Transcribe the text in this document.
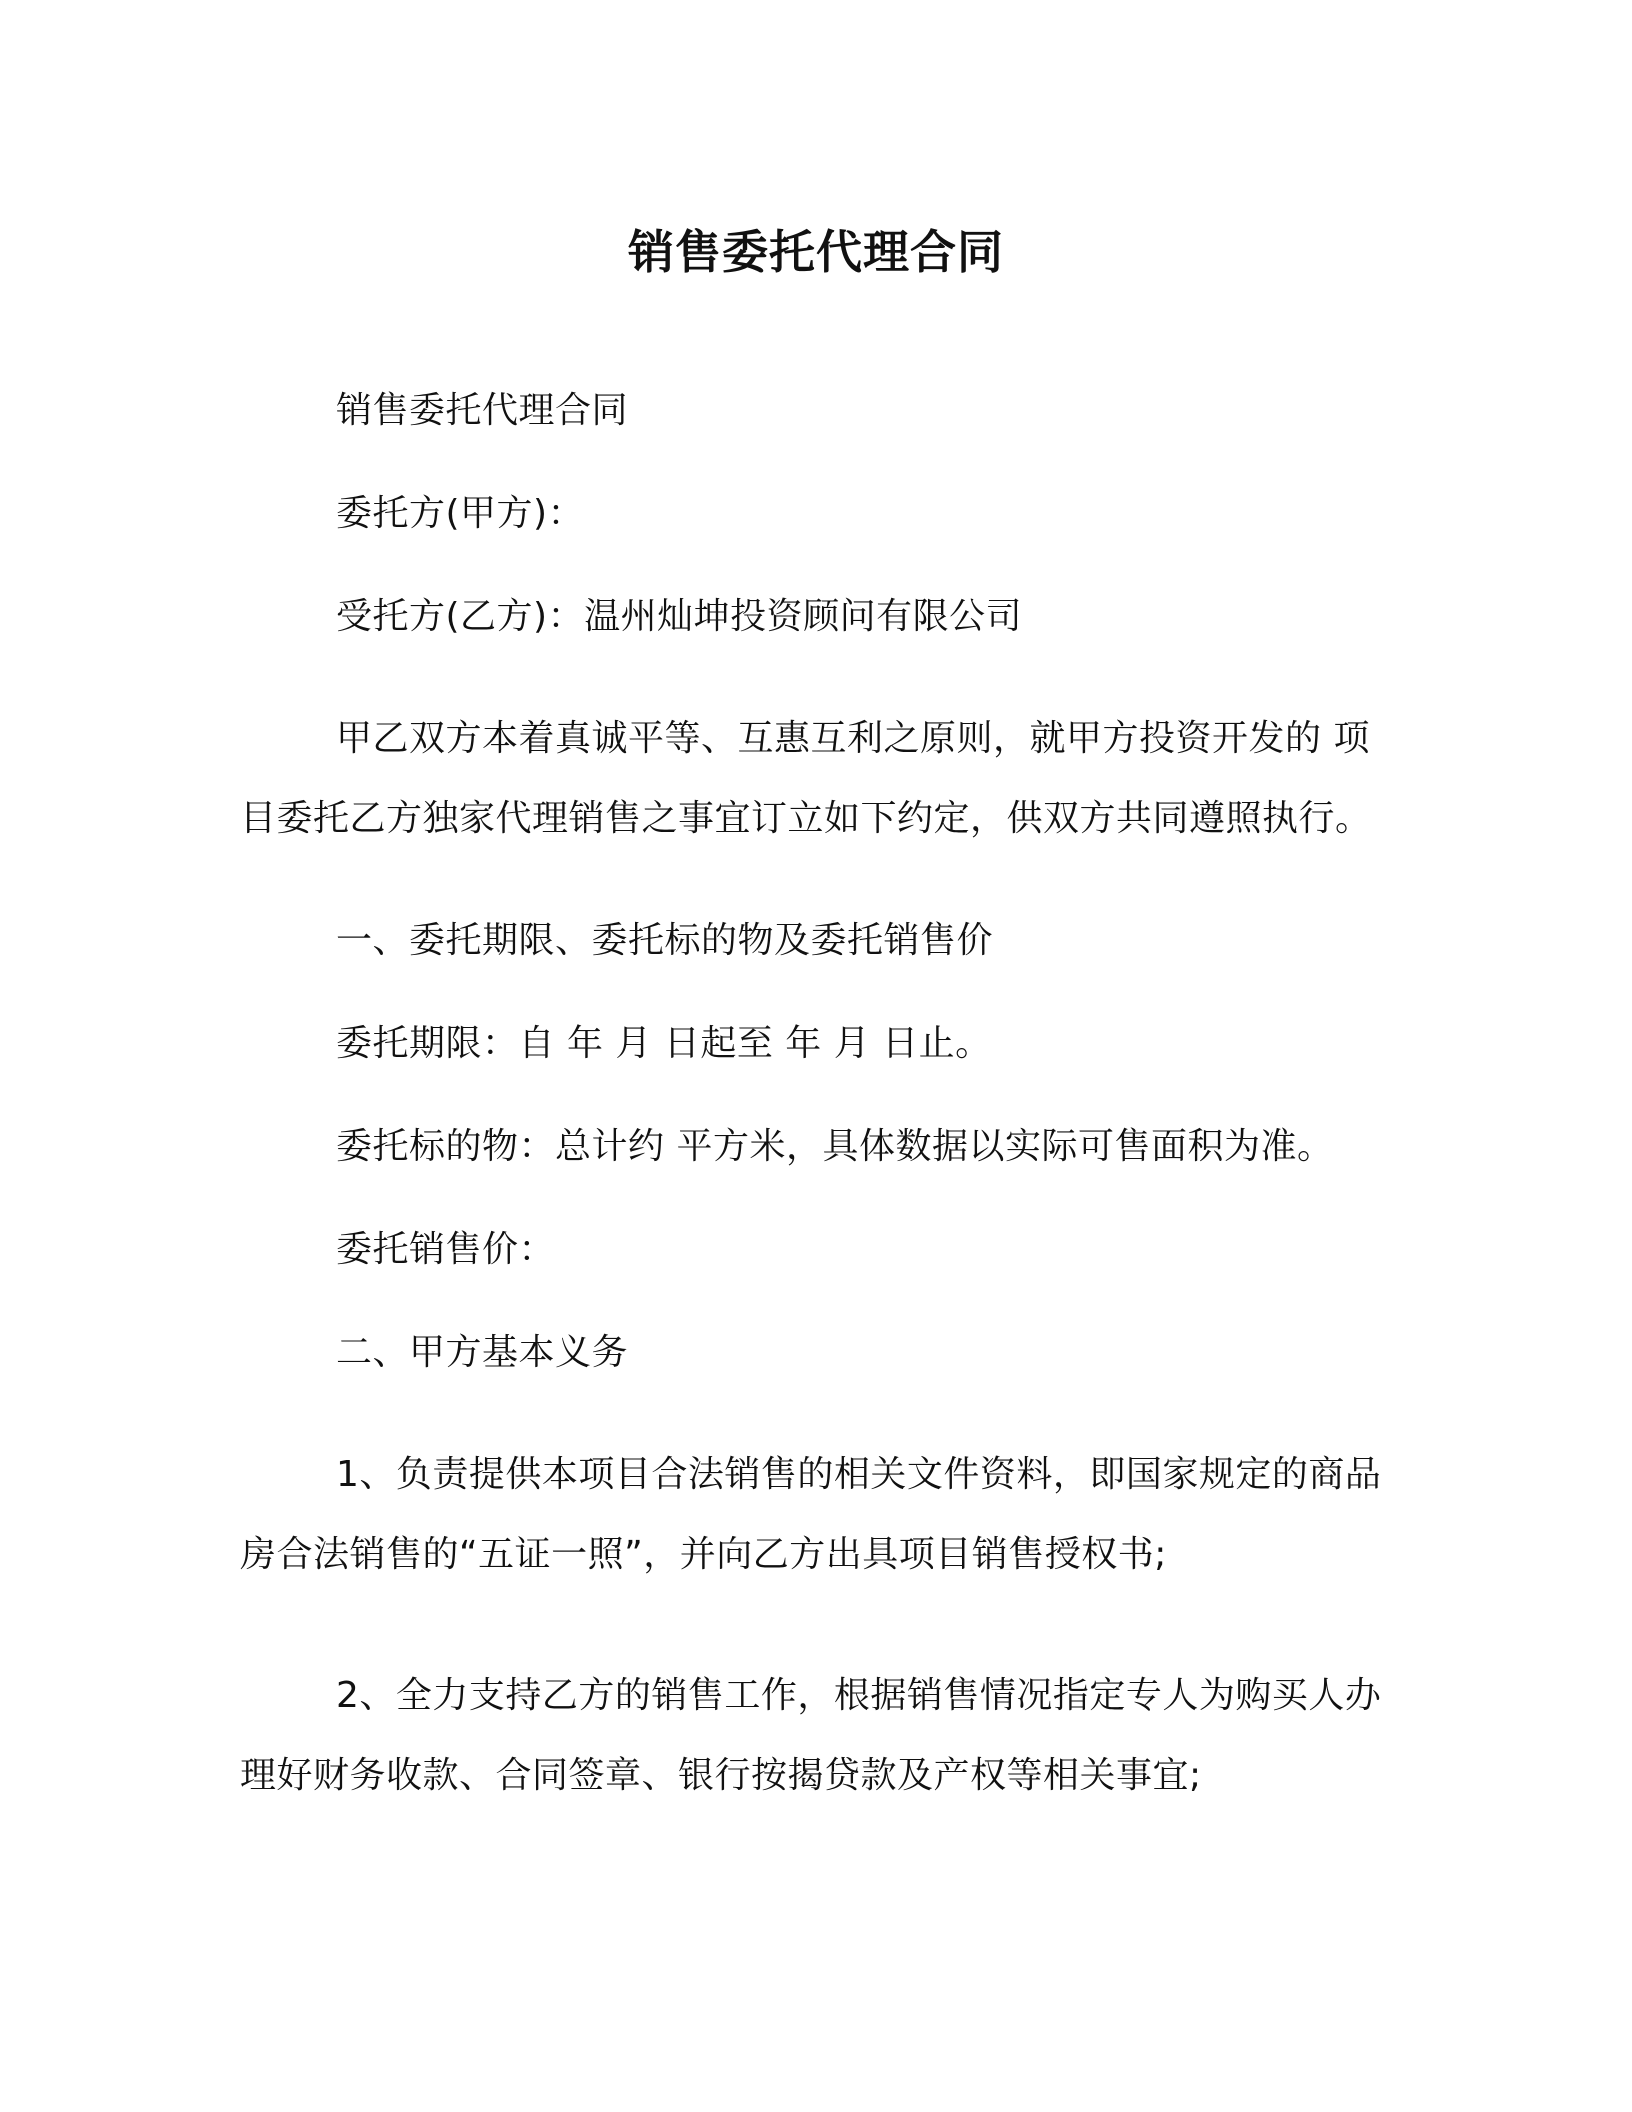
销售委托代理合同

销售委托代理合同

委托方(甲方)：

受托方(乙方)：温州灿坤投资顾问有限公司

甲乙双方本着真诚平等、互惠互利之原则，就甲方投资开发的 项目委托乙方独家代理销售之事宜订立如下约定，供双方共同遵照执行。

一、委托期限、委托标的物及委托销售价

委托期限：自 年 月 日起至 年 月 日止。

委托标的物：总计约 平方米，具体数据以实际可售面积为准。

委托销售价：

二、甲方基本义务

1、负责提供本项目合法销售的相关文件资料，即国家规定的商品房合法销售的“五证一照”，并向乙方出具项目销售授权书;

2、全力支持乙方的销售工作，根据销售情况指定专人为购买人办理好财务收款、合同签章、银行按揭贷款及产权等相关事宜;
